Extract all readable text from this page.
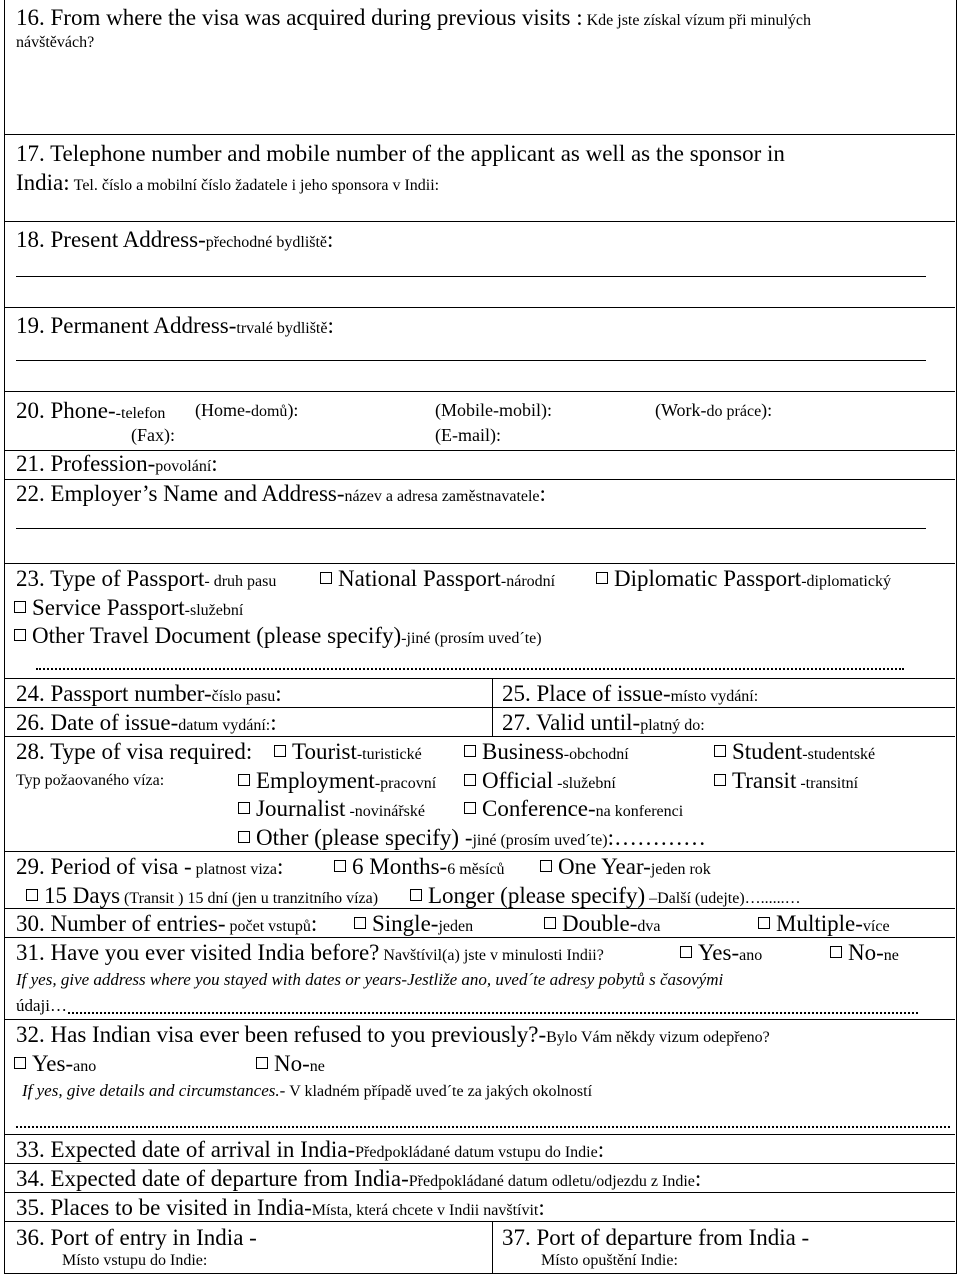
16. From where the visa was acquired during previous visits : Kde jste získal vízum při minulých
návštěvách?
17. Telephone number and mobile number of the applicant as well as the sponsor in
India: Tel. číslo a mobilní číslo žadatele i jeho sponsora v Indii:
18. Present Address-přechodné bydliště:
19. Permanent Address-trvalé bydliště:
20. Phone--telefon (Home-domů):	(Mobile-mobil):	(Work-do práce):
(Fax):	(E-mail):
21. Profession-povolání:
22. Employer’s Name and Address-název a adresa zaměstnavatele:
23. Type of Passport- druh pasu	National Passport-národní	Diplomatic Passport-diplomatický
Service Passport-služební
Other Travel Document (please specify)-jiné (prosím uved´te)
24. Passport number-číslo pasu:	25. Place of issue-místo vydání:
26. Date of issue-datum vydání::	27. Valid until-platný do:
28. Type of visa required:	Tourist-turistické	Business-obchodní	Student-studentské
Typ požaovaného víza:	Employment-pracovní	Official -služební	Transit -transitní
Journalist -novinářské	Conference-na konferenci
Other (please specify) -jiné (prosím uved´te):…………
29. Period of visa - platnost viza:	6 Months-6 měsíců	One Year-jeden rok
15 Days (Transit ) 15 dní (jen u tranzitního víza)	Longer (please specify) –Další (udejte)…......…
30. Number of entries- počet vstupů:	Single-jeden	Double-dva	Multiple-více
31. Have you ever visited India before? Navštívil(a) jste v minulosti Indii?	Yes-ano	No-ne
If yes, give address where you stayed with dates or years-Jestliže ano, uved´te adresy pobytů s časovými
údaji…
32. Has Indian visa ever been refused to you previously?-Bylo Vám někdy vizum odepřeno?
Yes-ano	No-ne
If yes, give details and circumstances.- V kladném případě uved´te za jakých okolností
33. Expected date of arrival in India-Předpokládané datum vstupu do Indie:
34. Expected date of departure from India-Předpokládané datum odletu/odjezdu z Indie:
35. Places to be visited in India-Místa, která chcete v Indii navštívit:
36. Port of entry in India -
Místo vstupu do Indie:
37. Port of departure from India -
Místo opuštění Indie:
